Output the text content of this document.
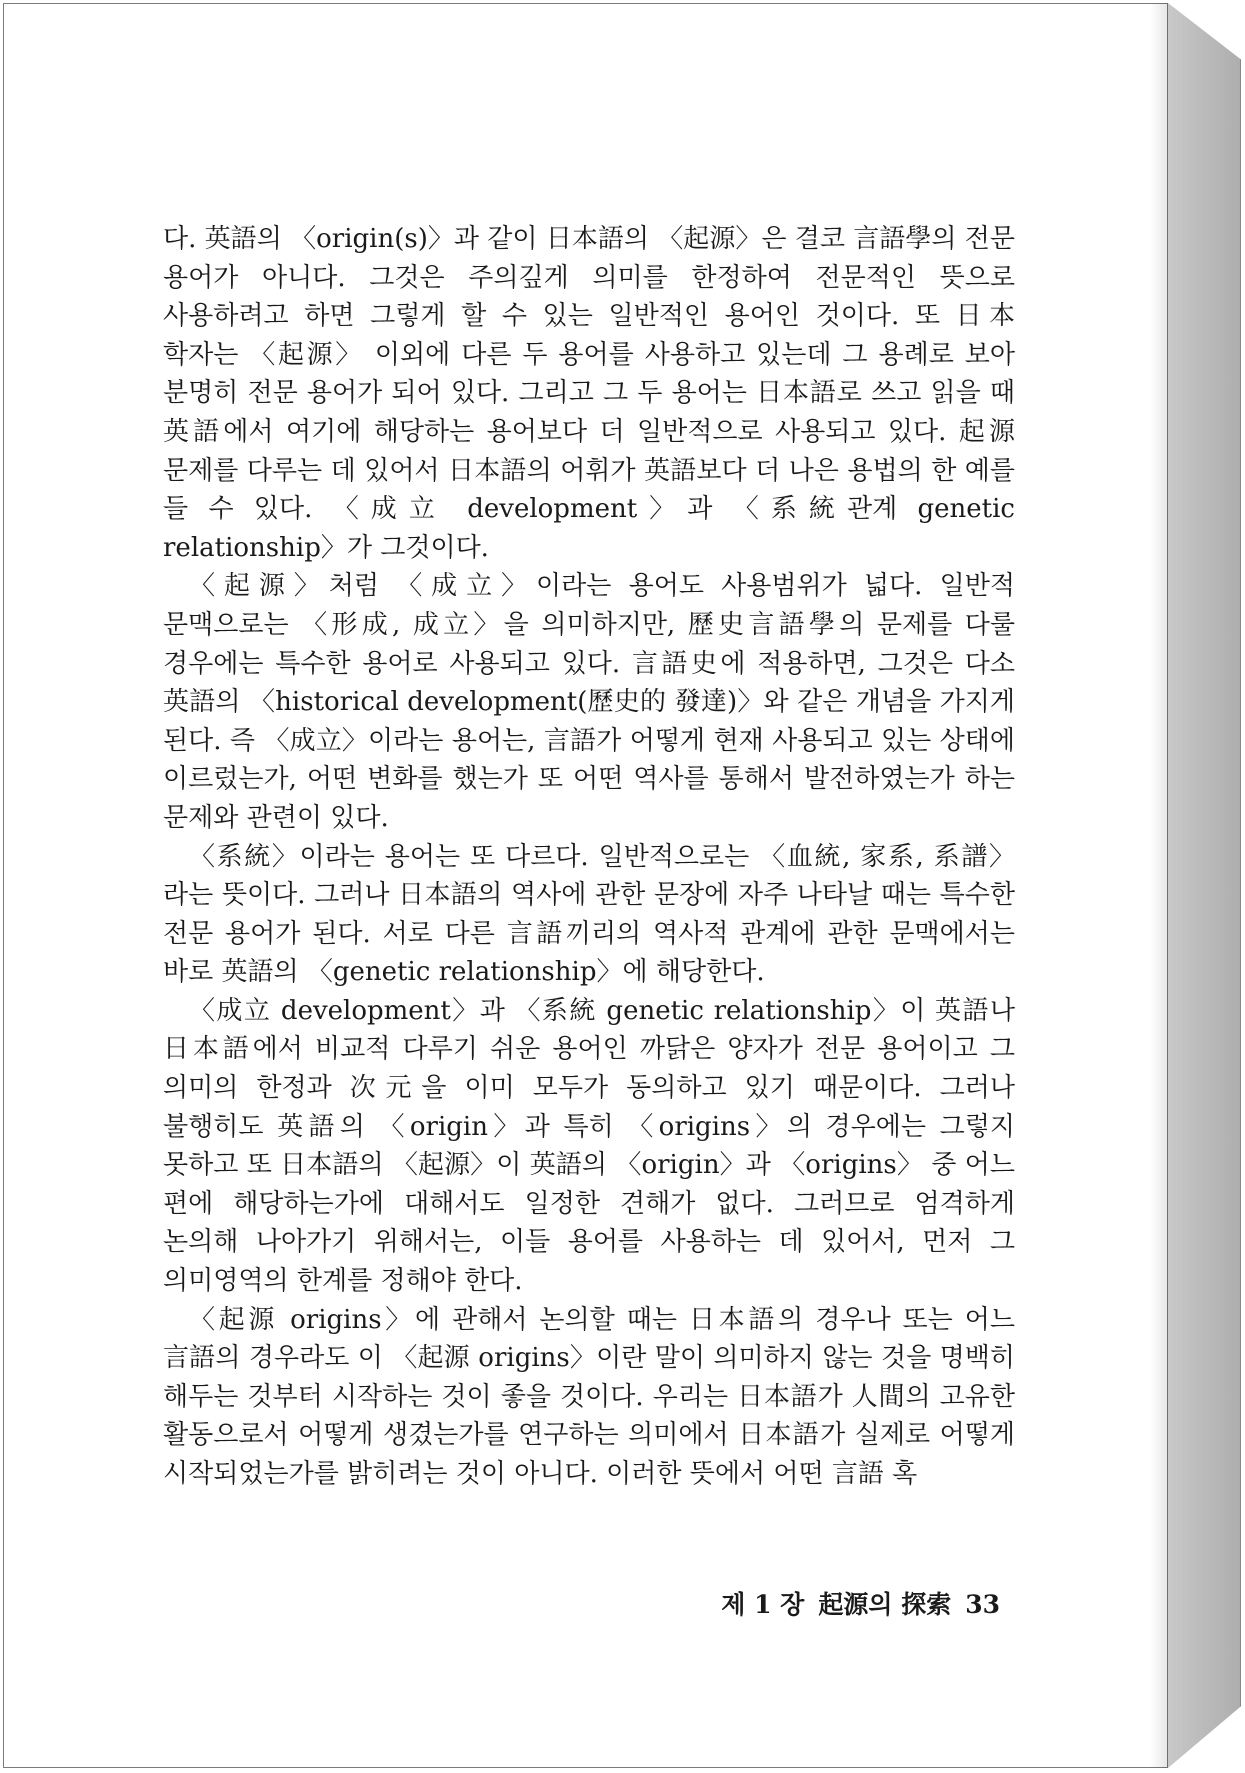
다. 英語의 〈origin(s)〉과 같이 日本語의 〈起源〉은 결코 言語學의 전문 용어가 아니다. 그것은 주의깊게 의미를 한정하여 전문적인 뜻으로 사용하려고 하면 그렇게 할 수 있는 일반적인 용어인 것이다. 또 日本 학자는 〈起源〉 이외에 다른 두 용어를 사용하고 있는데 그 용례로 보아 분명히 전문 용어가 되어 있다. 그리고 그 두 용어는 日本語로 쓰고 읽을 때 英語에서 여기에 해당하는 용어보다 더 일반적으로 사용되고 있다. 起源 문제를 다루는 데 있어서 日本語의 어휘가 英語보다 더 나은 용법의 한 예를 들 수 있다. 〈成立 development〉과 〈系統관계 genetic relationship〉가 그것이다.

〈起源〉처럼 〈成立〉이라는 용어도 사용범위가 넓다. 일반적 문맥으로는 〈形成, 成立〉을 의미하지만, 歷史言語學의 문제를 다룰 경우에는 특수한 용어로 사용되고 있다. 言語史에 적용하면, 그것은 다소 英語의 〈historical development(歷史的 發達)〉와 같은 개념을 가지게 된다. 즉 〈成立〉이라는 용어는, 言語가 어떻게 현재 사용되고 있는 상태에 이르렀는가, 어떤 변화를 했는가 또 어떤 역사를 통해서 발전하였는가 하는 문제와 관련이 있다.

〈系統〉이라는 용어는 또 다르다. 일반적으로는 〈血統, 家系, 系譜〉라는 뜻이다. 그러나 日本語의 역사에 관한 문장에 자주 나타날 때는 특수한 전문 용어가 된다. 서로 다른 言語끼리의 역사적 관계에 관한 문맥에서는 바로 英語의 〈genetic relationship〉에 해당한다.

〈成立 development〉과 〈系統 genetic relationship〉이 英語나 日本語에서 비교적 다루기 쉬운 용어인 까닭은 양자가 전문 용어이고 그 의미의 한정과 次元을 이미 모두가 동의하고 있기 때문이다. 그러나 불행히도 英語의 〈origin〉과 특히 〈origins〉의 경우에는 그렇지 못하고 또 日本語의 〈起源〉이 英語의 〈origin〉과 〈origins〉 중 어느 편에 해당하는가에 대해서도 일정한 견해가 없다. 그러므로 엄격하게 논의해 나아가기 위해서는, 이들 용어를 사용하는 데 있어서, 먼저 그 의미영역의 한계를 정해야 한다.

〈起源 origins〉에 관해서 논의할 때는 日本語의 경우나 또는 어느 言語의 경우라도 이 〈起源 origins〉이란 말이 의미하지 않는 것을 명백히 해두는 것부터 시작하는 것이 좋을 것이다. 우리는 日本語가 人間의 고유한 활동으로서 어떻게 생겼는가를 연구하는 의미에서 日本語가 실제로 어떻게 시작되었는가를 밝히려는 것이 아니다. 이러한 뜻에서 어떤 言語 혹

제 1 장 起源의 探索 33
